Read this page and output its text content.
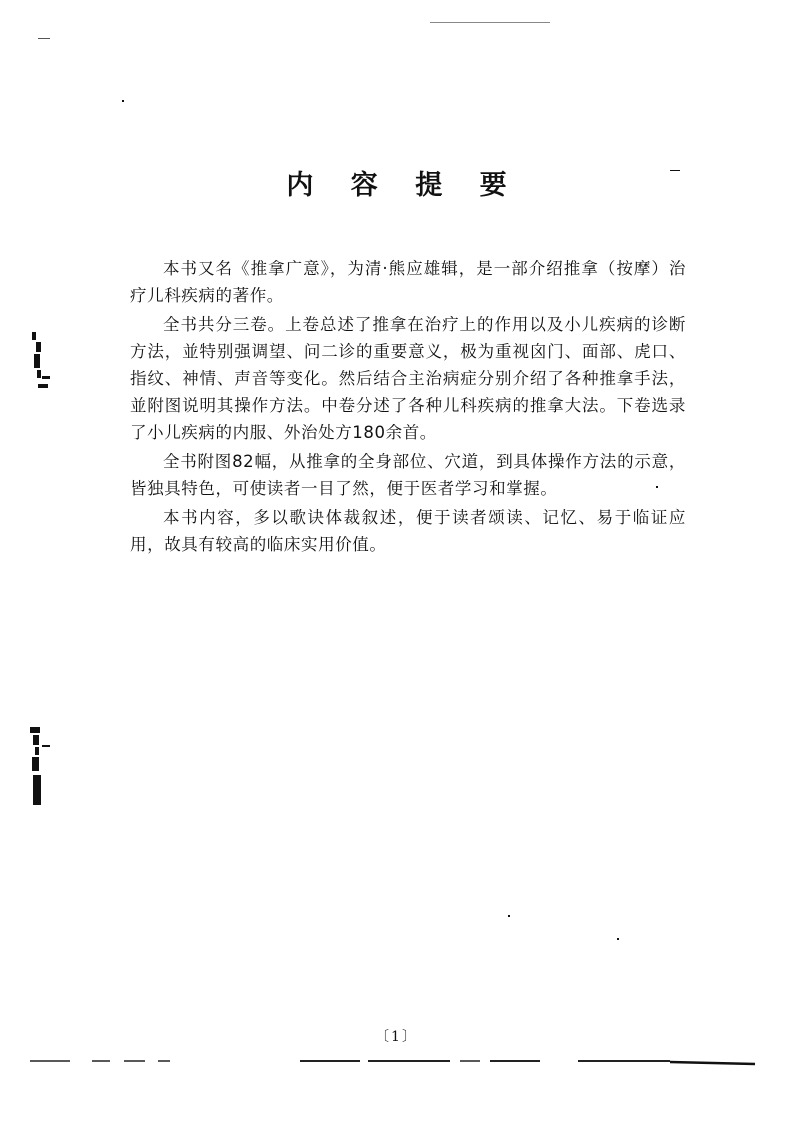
内 容 提 要

本书又名《推拿广意》，为清·熊应雄辑，是一部介绍推拿（按摩）治疗儿科疾病的著作。

全书共分三卷。上卷总述了推拿在治疗上的作用以及小儿疾病的诊断方法，並特别强调望、问二诊的重要意义，极为重视囟门、面部、虎口、指纹、神情、声音等变化。然后结合主治病症分别介绍了各种推拿手法，並附图说明其操作方法。中卷分述了各种儿科疾病的推拿大法。下卷选录了小儿疾病的内服、外治处方180余首。

全书附图82幅，从推拿的全身部位、穴道，到具体操作方法的示意，皆独具特色，可使读者一目了然，便于医者学习和掌握。

本书内容，多以歌诀体裁叙述，便于读者颂读、记忆、易于临证应用，故具有较高的临床实用价值。

〔1〕
